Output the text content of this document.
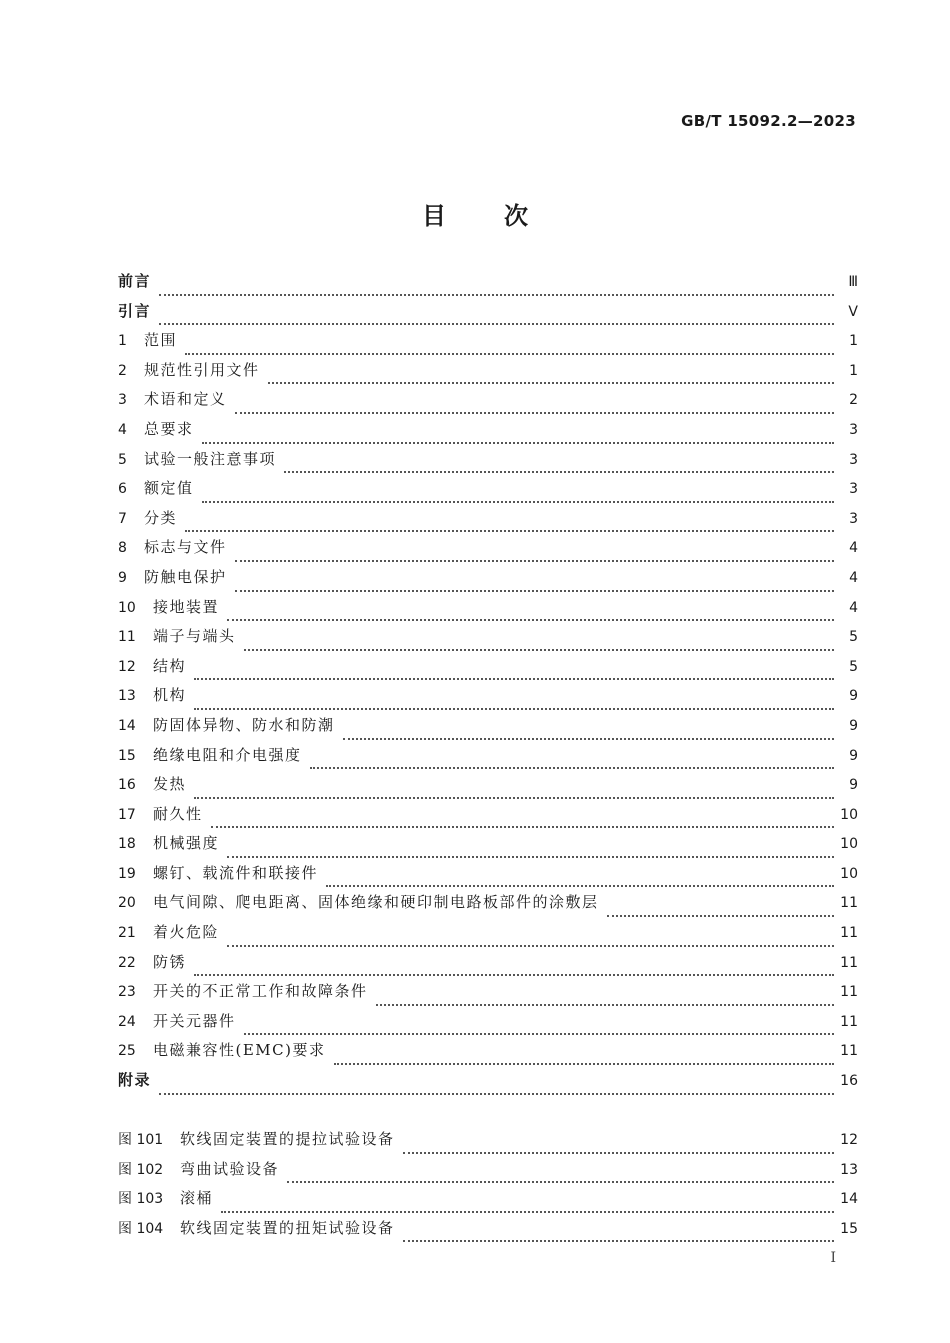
GB/T 15092.2—2023
目次
前言	Ⅲ
引言	Ⅴ
1	范围	1
2	规范性引用文件	1
3	术语和定义	2
4	总要求	3
5	试验一般注意事项	3
6	额定值	3
7	分类	3
8	标志与文件	4
9	防触电保护	4
10	接地装置	4
11	端子与端头	5
12	结构	5
13	机构	9
14	防固体异物、防水和防潮	9
15	绝缘电阻和介电强度	9
16	发热	9
17	耐久性	10
18	机械强度	10
19	螺钉、载流件和联接件	10
20	电气间隙、爬电距离、固体绝缘和硬印制电路板部件的涂敷层	11
21	着火危险	11
22	防锈	11
23	开关的不正常工作和故障条件	11
24	开关元器件	11
25	电磁兼容性(EMC)要求	11
附录	16
图 101	软线固定装置的提拉试验设备	12
图 102	弯曲试验设备	13
图 103	滚桶	14
图 104	软线固定装置的扭矩试验设备	15
Ⅰ
